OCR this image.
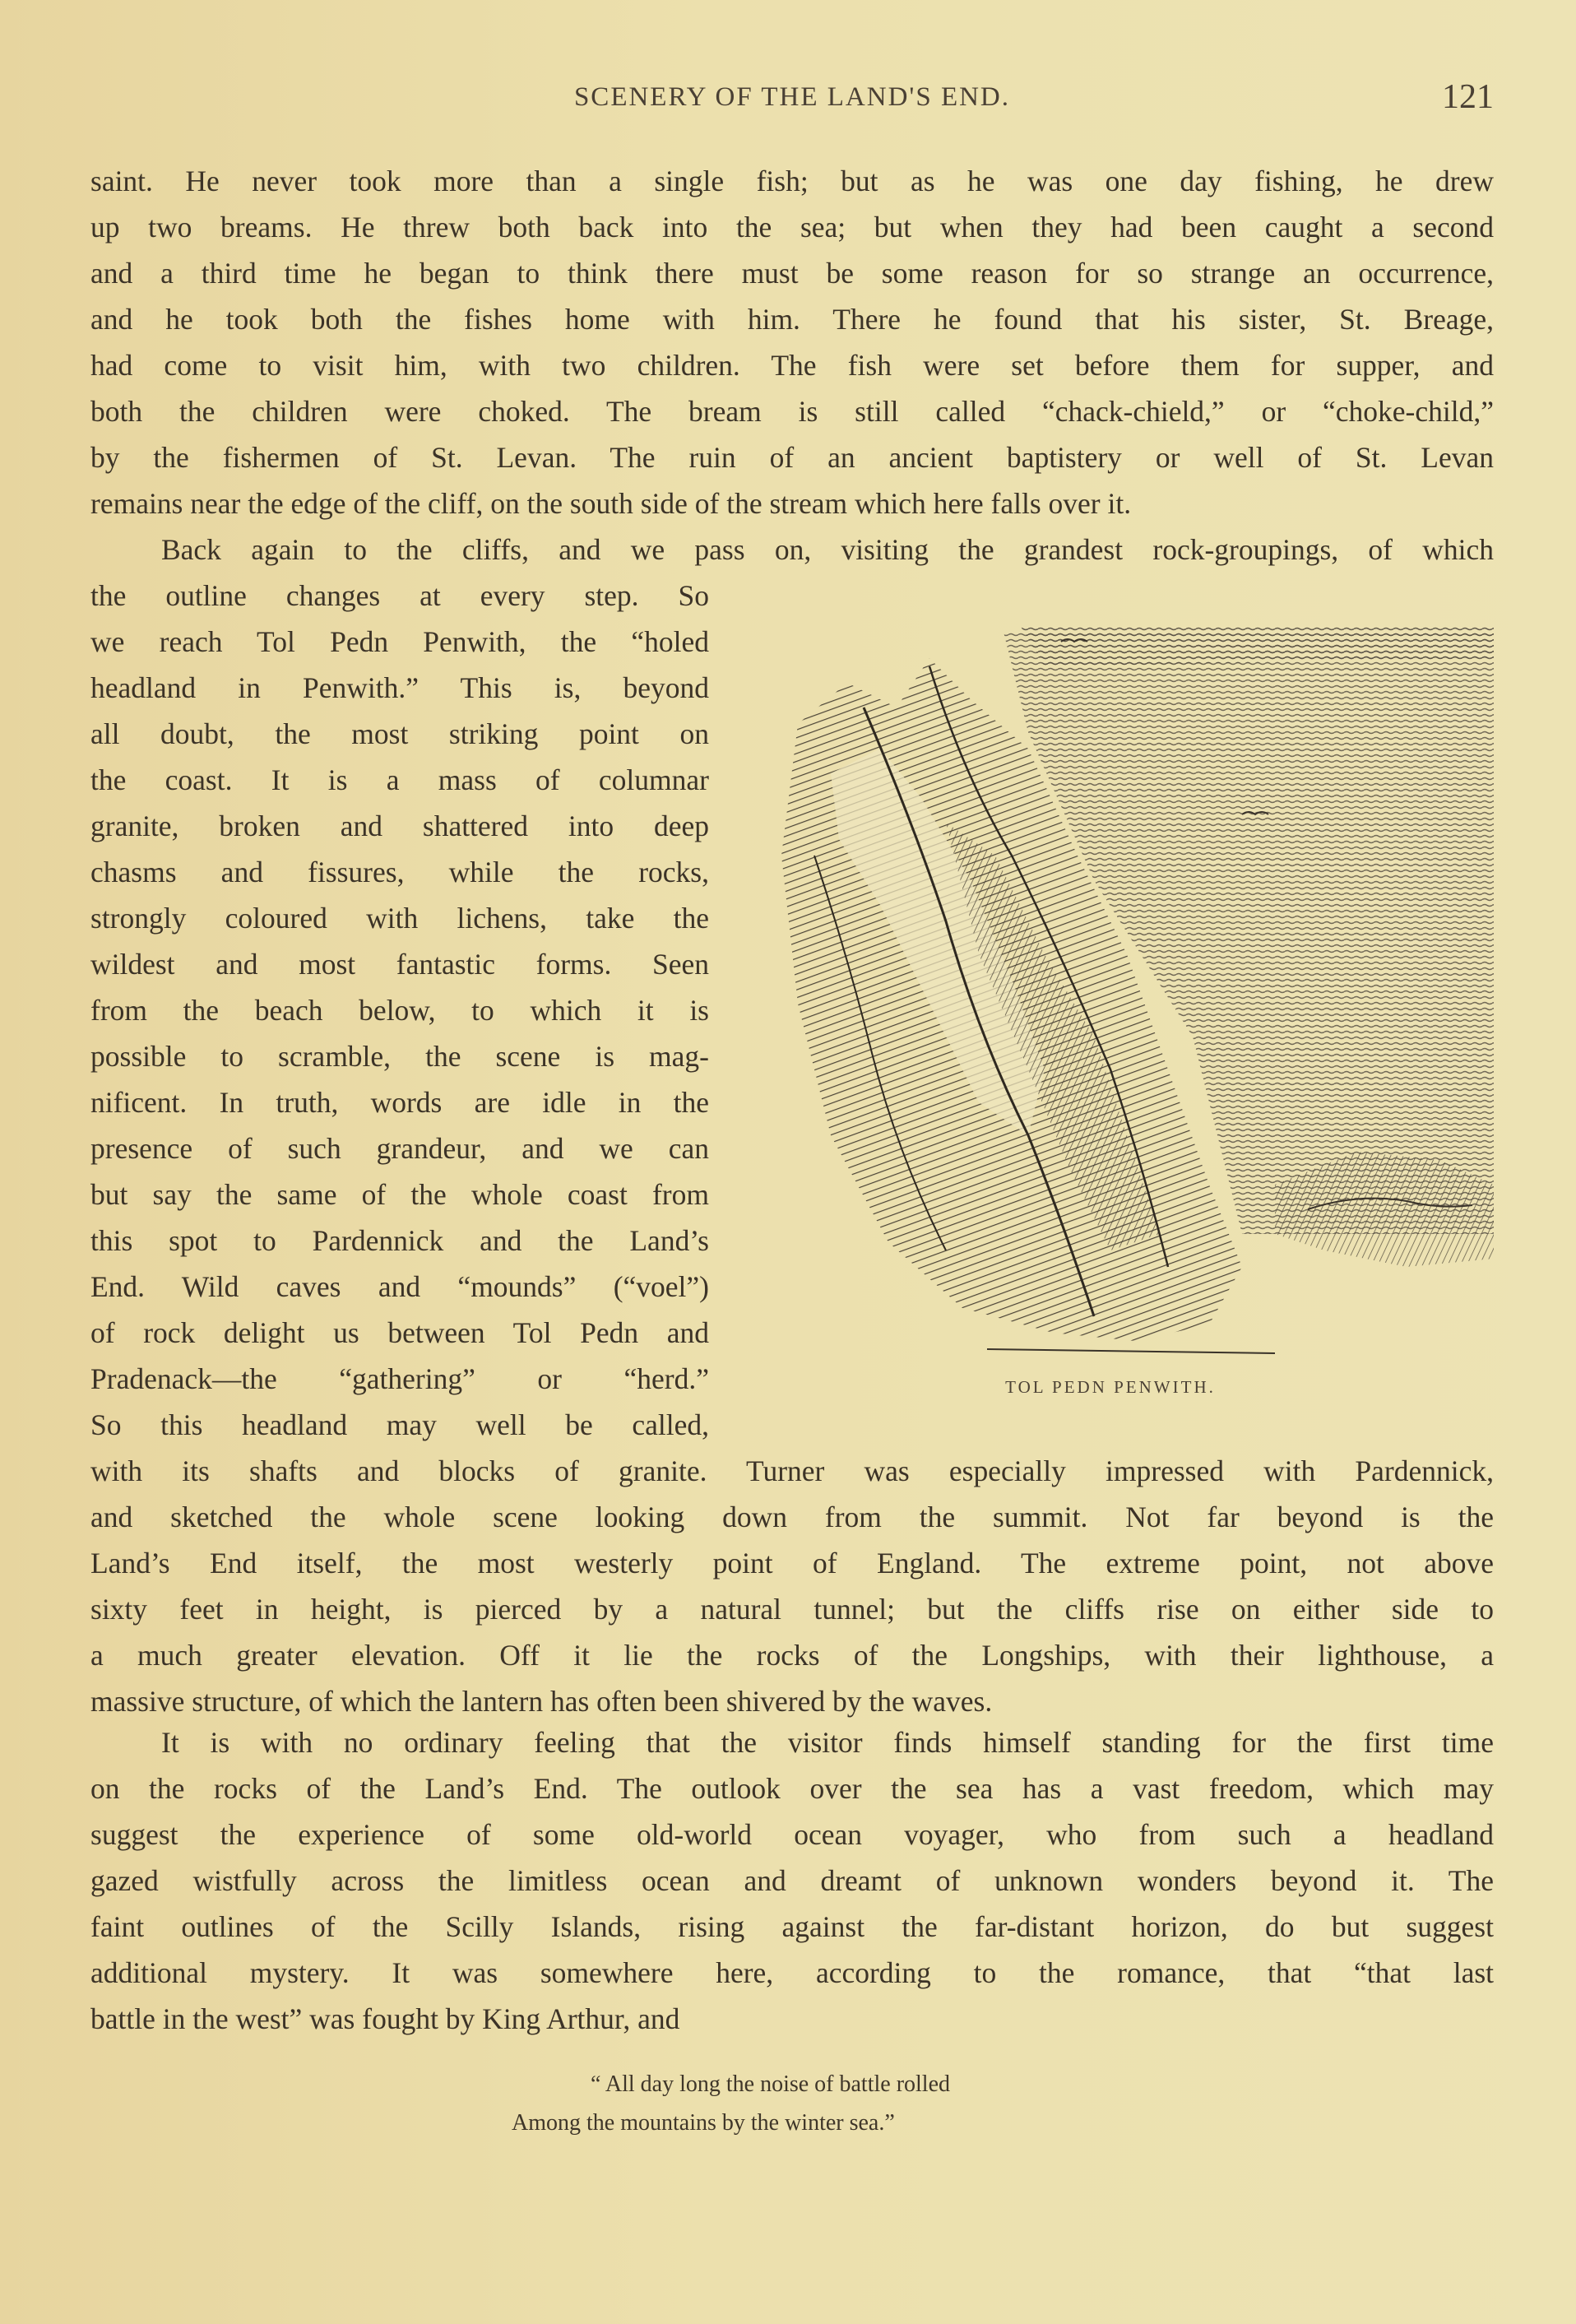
SCENERY OF THE LAND'S END.	121
saint. He never took more than a single fish; but as he was one day fishing, he drew
up two breams. He threw both back into the sea; but when they had been caught a second
and a third time he began to think there must be some reason for so strange an occurrence,
and he took both the fishes home with him. There he found that his sister, St. Breage,
had come to visit him, with two children. The fish were set before them for supper, and
both the children were choked. The bream is still called “chack-chield,” or “choke-child,”
by the fishermen of St. Levan. The ruin of an ancient baptistery or well of St. Levan
remains near the edge of the cliff, on the south side of the stream which here falls over it.
Back again to the cliffs, and we pass on, visiting the grandest rock-groupings, of which
the outline changes at every step. So
we reach Tol Pedn Penwith, the “holed
headland in Penwith.” This is, beyond
all doubt, the most striking point on
the coast. It is a mass of columnar
granite, broken and shattered into deep
chasms and fissures, while the rocks,
strongly coloured with lichens, take the
wildest and most fantastic forms. Seen
from the beach below, to which it is
possible to scramble, the scene is mag-
nificent. In truth, words are idle in the
presence of such grandeur, and we can
but say the same of the whole coast from
this spot to Pardennick and the Land’s
End. Wild caves and “mounds” (“voel”)
of rock delight us between Tol Pedn and
Pradenack—the “gathering” or “herd.”
So this headland may well be called,
TOL PEDN PENWITH.
with its shafts and blocks of granite. Turner was especially impressed with Pardennick,
and sketched the whole scene looking down from the summit. Not far beyond is the
Land’s End itself, the most westerly point of England. The extreme point, not above
sixty feet in height, is pierced by a natural tunnel; but the cliffs rise on either side to
a much greater elevation. Off it lie the rocks of the Longships, with their lighthouse, a
massive structure, of which the lantern has often been shivered by the waves.
It is with no ordinary feeling that the visitor finds himself standing for the first time
on the rocks of the Land’s End. The outlook over the sea has a vast freedom, which may
suggest the experience of some old-world ocean voyager, who from such a headland
gazed wistfully across the limitless ocean and dreamt of unknown wonders beyond it. The
faint outlines of the Scilly Islands, rising against the far-distant horizon, do but suggest
additional mystery. It was somewhere here, according to the romance, that “that last
battle in the west” was fought by King Arthur, and
“ All day long the noise of battle rolled
Among the mountains by the winter sea.”
